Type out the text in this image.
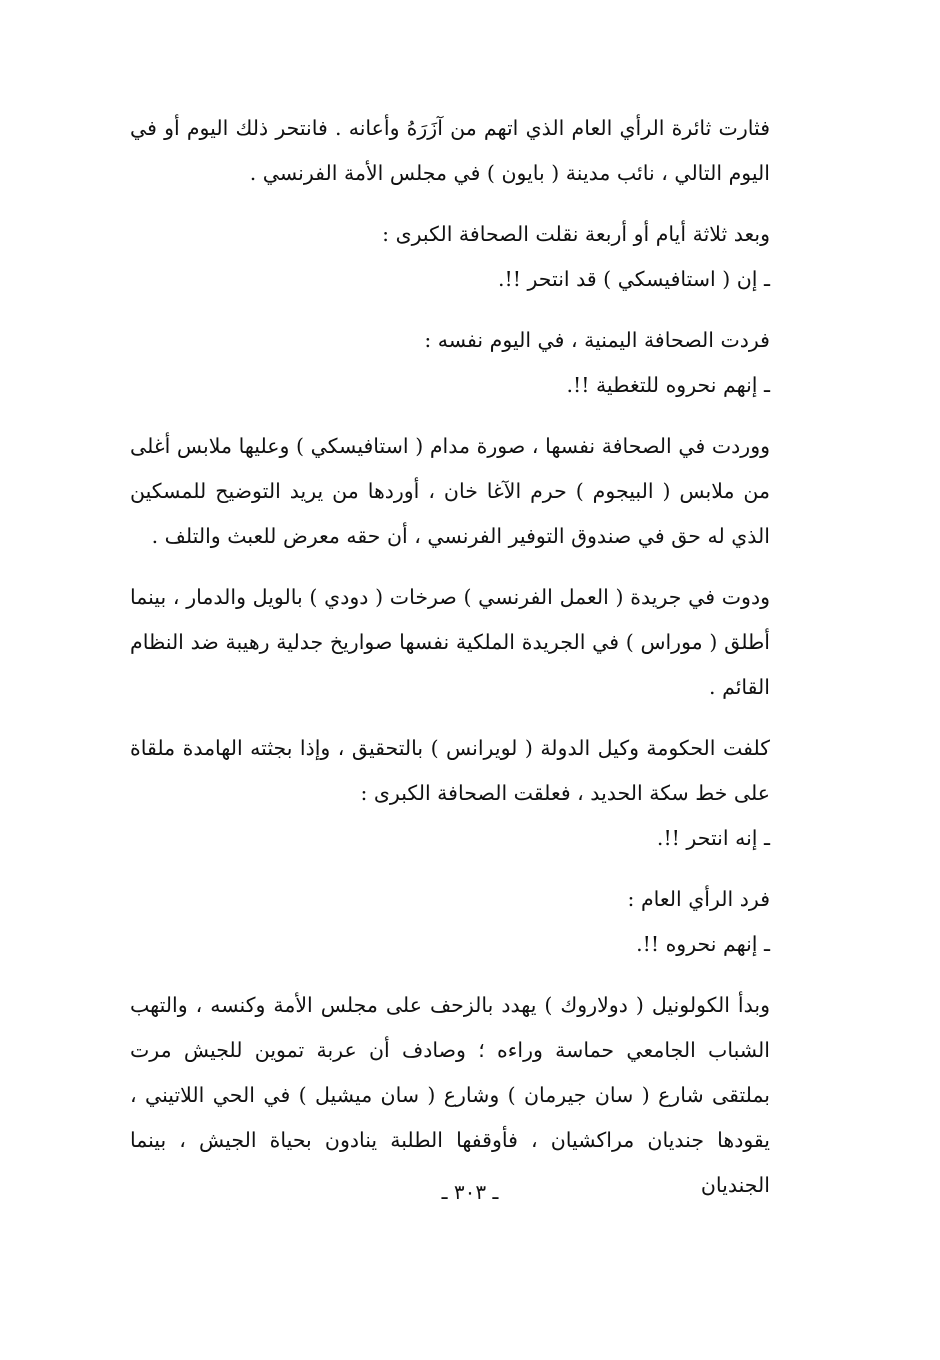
فثارت ثائرة الرأي العام الذي اتهم من آزَرَهُ وأعانه . فانتحر ذلك اليوم أو في اليوم التالي ، نائب مدينة ( بايون ) في مجلس الأمة الفرنسي .

وبعد ثلاثة أيام أو أربعة نقلت الصحافة الكبرى :
ـ إن ( استافيسكي ) قد انتحر !!.
فردت الصحافة اليمنية ، في اليوم نفسه :
ـ إنهم نحروه للتغطية !!.

ووردت في الصحافة نفسها ، صورة مدام ( استافيسكي ) وعليها ملابس أغلى من ملابس ( البيجوم ) حرم الآغا خان ، أوردها من يريد التوضيح للمسكين الذي له حق في صندوق التوفير الفرنسي ، أن حقه معرض للعبث والتلف .

ودوت في جريدة ( العمل الفرنسي ) صرخات ( دودي ) بالويل والدمار ، بينما أطلق ( موراس ) في الجريدة الملكية نفسها صواريخ جدلية رهيبة ضد النظام القائم .

كلفت الحكومة وكيل الدولة ( لويرانس ) بالتحقيق ، وإذا بجثته الهامدة ملقاة على خط سكة الحديد ، فعلقت الصحافة الكبرى :

ـ إنه انتحر !!.
فرد الرأي العام :
ـ إنهم نحروه !!.

وبدأ الكولونيل ( دولاروك ) يهدد بالزحف على مجلس الأمة وكنسه ، والتهب الشباب الجامعي حماسة وراءه ؛ وصادف أن عربة تموين للجيش مرت بملتقى شارع ( سان جيرمان ) وشارع ( سان ميشيل ) في الحي اللاتيني ، يقودها جنديان مراكشيان ، فأوقفها الطلبة ينادون بحياة الجيش ، بينما الجنديان

ـ ٣٠٣ ـ
